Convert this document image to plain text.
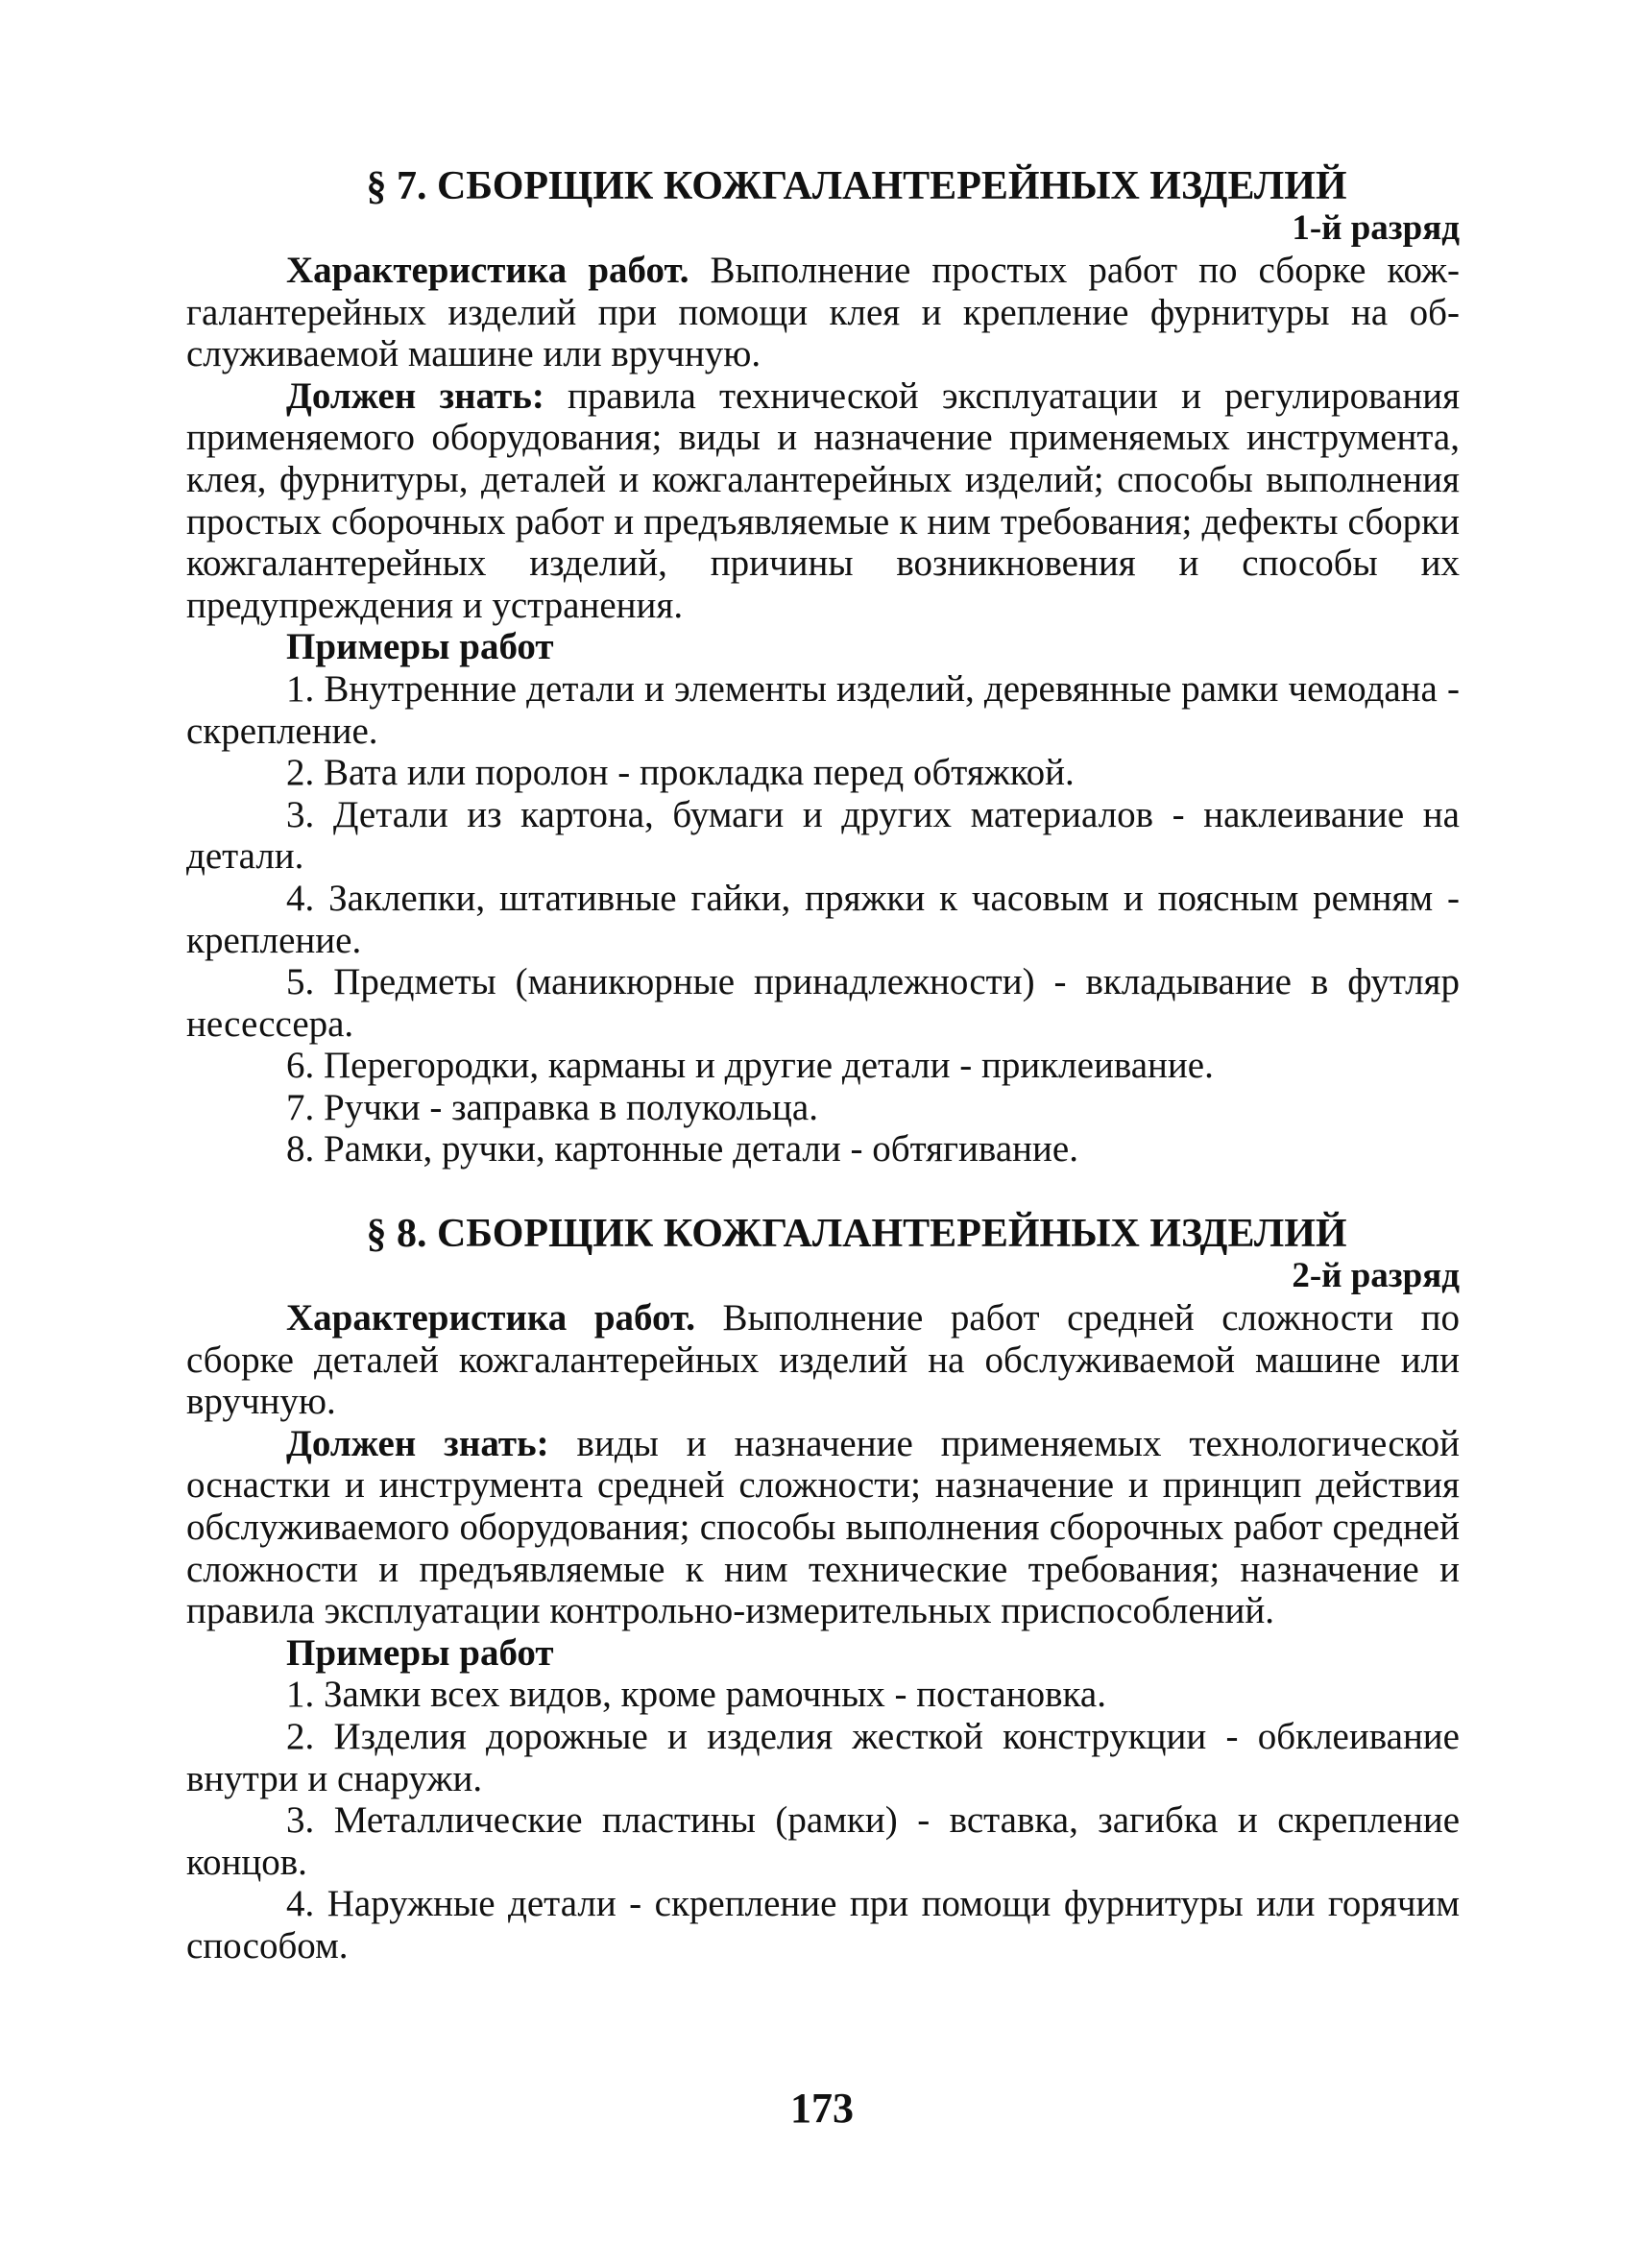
§ 7. СБОРЩИК КОЖГАЛАНТЕРЕЙНЫХ ИЗДЕЛИЙ
1-й разряд

Характеристика работ. Выполнение простых работ по сборке кожгалантерейных изделий при помощи клея и крепление фурнитуры на обслуживаемой машине или вручную.

Должен знать: правила технической эксплуатации и регулирования применяемого оборудования; виды и назначение применяемых инструмента, клея, фурнитуры, деталей и кожгалантерейных изделий; способы выполнения простых сборочных работ и предъявляемые к ним требования; дефекты сборки кожгалантерейных изделий, причины возникновения и способы их предупреждения и устранения.

Примеры работ

1. Внутренние детали и элементы изделий, деревянные рамки чемодана - скрепление.

2. Вата или поролон - прокладка перед обтяжкой.

3. Детали из картона, бумаги и других материалов - наклеивание на детали.

4. Заклепки, штативные гайки, пряжки к часовым и поясным ремням - крепление.

5. Предметы (маникюрные принадлежности) - вкладывание в футляр несессера.

6. Перегородки, карманы и другие детали - приклеивание.

7. Ручки - заправка в полукольца.

8. Рамки, ручки, картонные детали - обтягивание.

§ 8. СБОРЩИК КОЖГАЛАНТЕРЕЙНЫХ ИЗДЕЛИЙ
2-й разряд

Характеристика работ. Выполнение работ средней сложности по сборке деталей кожгалантерейных изделий на обслуживаемой машине или вручную.

Должен знать: виды и назначение применяемых технологической оснастки и инструмента средней сложности; назначение и принцип действия обслуживаемого оборудования; способы выполнения сборочных работ средней сложности и предъявляемые к ним технические требования; назначение и правила эксплуатации контрольно-измерительных приспособлений.

Примеры работ

1. Замки всех видов, кроме рамочных - постановка.

2. Изделия дорожные и изделия жесткой конструкции - обклеивание внутри и снаружи.

3. Металлические пластины (рамки) - вставка, загибка и скрепление концов.

4. Наружные детали - скрепление при помощи фурнитуры или горячим способом.

173
